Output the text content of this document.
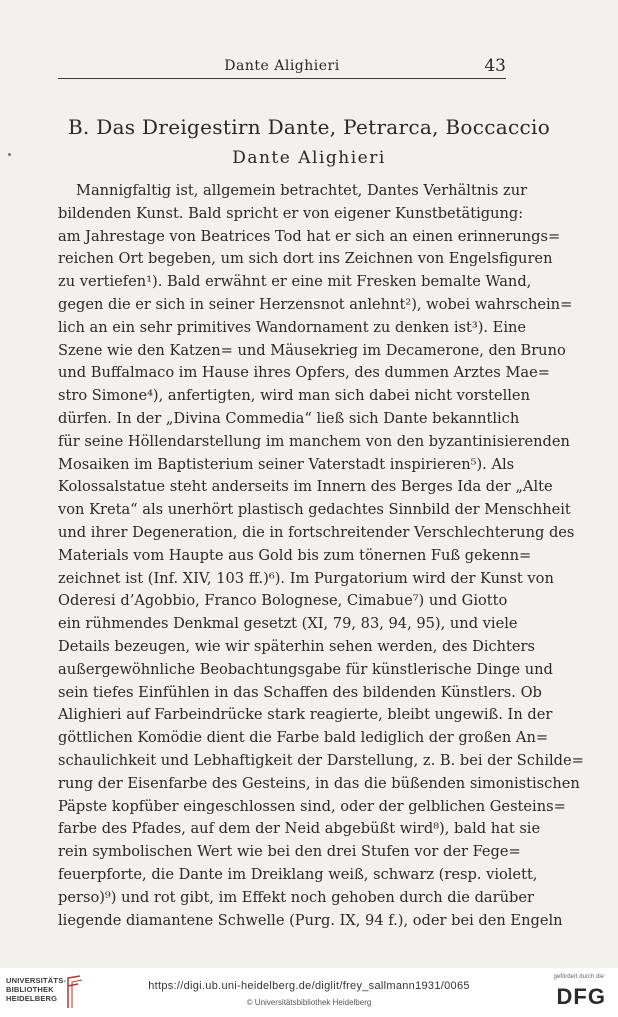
Dante Alighieri	43
B. Das Dreigestirn Dante, Petrarca, Boccaccio
Dante Alighieri
Mannigfaltig ist, allgemein betrachtet, Dantes Verhältnis zur
bildenden Kunst. Bald spricht er von eigener Kunstbetätigung:
am Jahrestage von Beatrices Tod hat er sich an einen erinnerungs=
reichen Ort begeben, um sich dort ins Zeichnen von Engelsfiguren
zu vertiefen¹). Bald erwähnt er eine mit Fresken bemalte Wand,
gegen die er sich in seiner Herzensnot anlehnt²), wobei wahrschein=
lich an ein sehr primitives Wandornament zu denken ist³). Eine
Szene wie den Katzen= und Mäusekrieg im Decamerone, den Bruno
und Buffalmaco im Hause ihres Opfers, des dummen Arztes Mae=
stro Simone⁴), anfertigten, wird man sich dabei nicht vorstellen
dürfen. In der „Divina Commedia“ ließ sich Dante bekanntlich
für seine Höllendarstellung im manchem von den byzantinisierenden
Mosaiken im Baptisterium seiner Vaterstadt inspirieren⁵). Als
Kolossalstatue steht anderseits im Innern des Berges Ida der „Alte
von Kreta“ als unerhört plastisch gedachtes Sinnbild der Menschheit
und ihrer Degeneration, die in fortschreitender Verschlechterung des
Materials vom Haupte aus Gold bis zum tönernen Fuß gekenn=
zeichnet ist (Inf. XIV, 103 ff.)⁶). Im Purgatorium wird der Kunst von
Oderesi d’Agobbio, Franco Bolognese, Cimabue⁷) und Giotto
ein rühmendes Denkmal gesetzt (XI, 79, 83, 94, 95), und viele
Details bezeugen, wie wir späterhin sehen werden, des Dichters
außergewöhnliche Beobachtungsgabe für künstlerische Dinge und
sein tiefes Einfühlen in das Schaffen des bildenden Künstlers. Ob
Alighieri auf Farbeindrücke stark reagierte, bleibt ungewiß. In der
göttlichen Komödie dient die Farbe bald lediglich der großen An=
schaulichkeit und Lebhaftigkeit der Darstellung, z. B. bei der Schilde=
rung der Eisenfarbe des Gesteins, in das die büßenden simonistischen
Päpste kopfüber eingeschlossen sind, oder der gelblichen Gesteins=
farbe des Pfades, auf dem der Neid abgebüßt wird⁸), bald hat sie
rein symbolischen Wert wie bei den drei Stufen vor der Fege=
feuerpforte, die Dante im Dreiklang weiß, schwarz (resp. violett,
perso)⁹) und rot gibt, im Effekt noch gehoben durch die darüber
liegende diamantene Schwelle (Purg. IX, 94 f.), oder bei den Engeln
UNIVERSITÄTS-
BIBLIOTHEK
HEIDELBERG
https://digi.ub.uni-heidelberg.de/diglit/frey_sallmann1931/0065
© Universitätsbibliothek Heidelberg
gefördert durch die
DFG
